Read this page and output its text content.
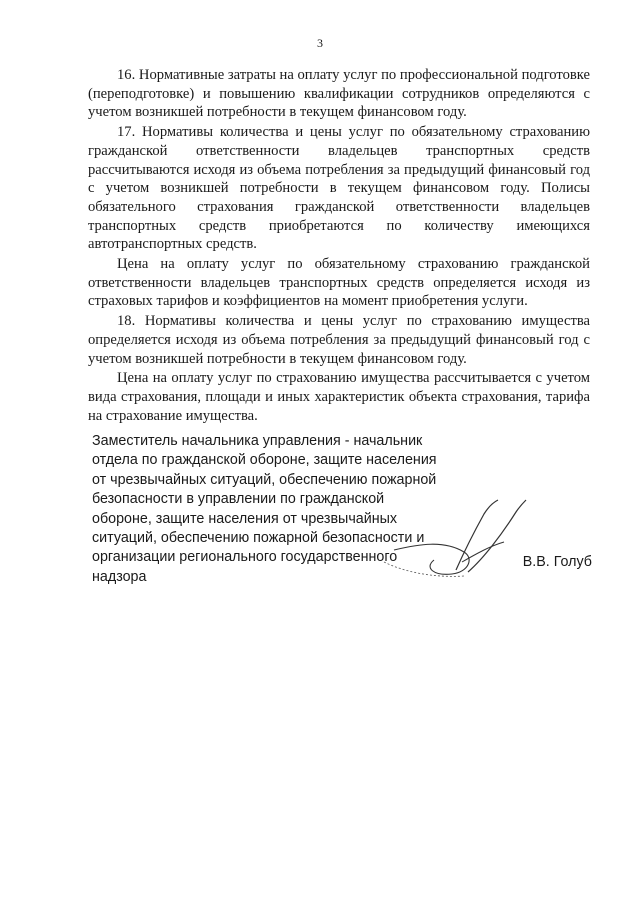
3

16. Нормативные затраты на оплату услуг по профессиональной подготовке (переподготовке) и повышению квалификации сотрудников определяются с учетом возникшей потребности в текущем финансовом году.

17. Нормативы количества и цены услуг по обязательному страхованию гражданской ответственности владельцев транспортных средств рассчитываются исходя из объема потребления за предыдущий финансовый год с учетом возникшей потребности в текущем финансовом году. Полисы обязательного страхования гражданской ответственности владельцев транспортных средств приобретаются по количеству имеющихся автотранспортных средств.

Цена на оплату услуг по обязательному страхованию гражданской ответственности владельцев транспортных средств определяется исходя из страховых тарифов и коэффициентов на момент приобретения услуги.

18. Нормативы количества и цены услуг по страхованию имущества определяется исходя из объема потребления за предыдущий финансовый год с учетом возникшей потребности в текущем финансовом году.

Цена на оплату услуг по страхованию имущества рассчитывается с учетом вида страхования, площади и иных характеристик объекта страхования, тарифа на страхование имущества.

Заместитель начальника управления - начальник отдела по гражданской обороне, защите населения от чрезвычайных ситуаций, обеспечению пожарной безопасности в управлении по гражданской обороне, защите населения от чрезвычайных ситуаций, обеспечению пожарной безопасности и организации регионального государственного надзора

В.В. Голуб
